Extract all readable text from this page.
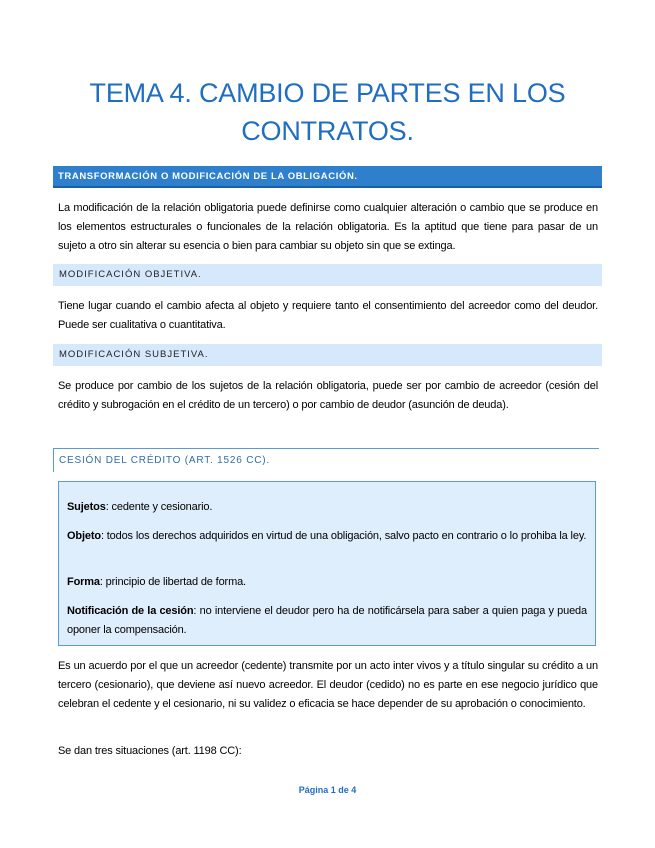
TEMA 4. CAMBIO DE PARTES EN LOS
CONTRATOS.
TRANSFORMACIÓN O MODIFICACIÓN DE LA OBLIGACIÓN.
La modificación de la relación obligatoria puede definirse como cualquier alteración o cambio que se produce en los elementos estructurales o funcionales de la relación obligatoria. Es la aptitud que tiene para pasar de un sujeto a otro sin alterar su esencia o bien para cambiar su objeto sin que se extinga.
MODIFICACIÓN OBJETIVA.
Tiene lugar cuando el cambio afecta al objeto y requiere tanto el consentimiento del acreedor como del deudor. Puede ser cualitativa o cuantitativa.
MODIFICACIÓN SUBJETIVA.
Se produce por cambio de los sujetos de la relación obligatoria, puede ser por cambio de acreedor (cesión del crédito y subrogación en el crédito de un tercero) o por cambio de deudor (asunción de deuda).
CESIÓN DEL CRÉDITO (ART. 1526 CC).

Sujetos: cedente y cesionario.

Objeto: todos los derechos adquiridos en virtud de una obligación, salvo pacto en contrario o lo prohiba la ley.

Forma: principio de libertad de forma.

Notificación de la cesión: no interviene el deudor pero ha de notificársela para saber a quien paga y pueda oponer la compensación.

Es un acuerdo por el que un acreedor (cedente) transmite por un acto inter vivos y a título singular su crédito a un tercero (cesionario), que deviene así nuevo acreedor. El deudor (cedido) no es parte en ese negocio jurídico que celebran el cedente y el cesionario, ni su validez o eficacia se hace depender de su aprobación o conocimiento.
Se dan tres situaciones (art. 1198 CC):
Página 1 de 4
